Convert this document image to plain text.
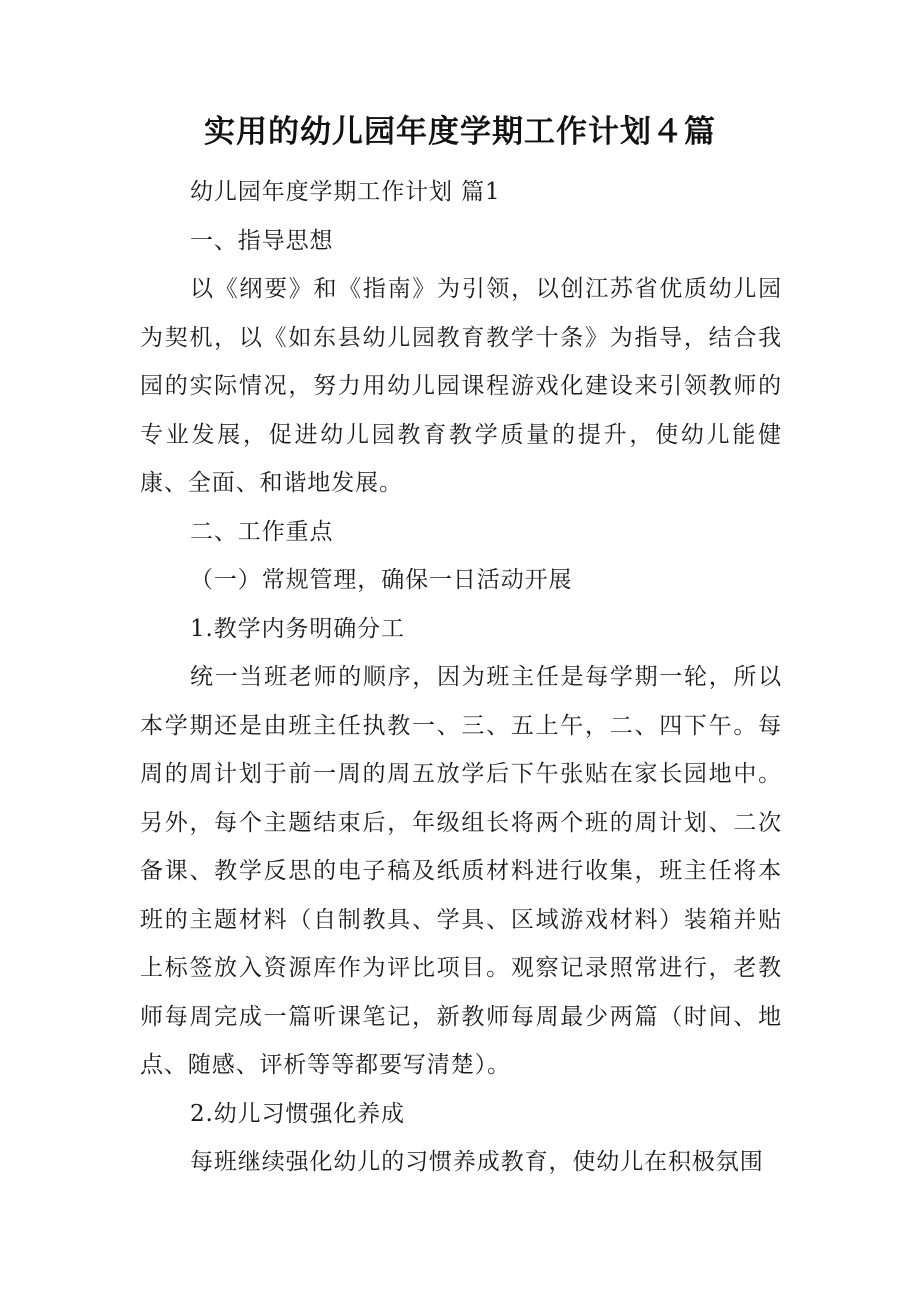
实用的幼儿园年度学期工作计划４篇

幼儿园年度学期工作计划 篇1

一、指导思想

以《纲要》和《指南》为引领，以创江苏省优质幼儿园为契机，以《如东县幼儿园教育教学十条》为指导，结合我园的实际情况，努力用幼儿园课程游戏化建设来引领教师的专业发展，促进幼儿园教育教学质量的提升，使幼儿能健康、全面、和谐地发展。

二、工作重点

（一）常规管理，确保一日活动开展

1.教学内务明确分工

统一当班老师的顺序，因为班主任是每学期一轮，所以本学期还是由班主任执教一、三、五上午，二、四下午。每周的周计划于前一周的周五放学后下午张贴在家长园地中。另外，每个主题结束后，年级组长将两个班的周计划、二次备课、教学反思的电子稿及纸质材料进行收集，班主任将本班的主题材料（自制教具、学具、区域游戏材料）装箱并贴上标签放入资源库作为评比项目。观察记录照常进行，老教师每周完成一篇听课笔记，新教师每周最少两篇（时间、地点、随感、评析等等都要写清楚）。

2.幼儿习惯强化养成

每班继续强化幼儿的习惯养成教育，使幼儿在积极氛围
